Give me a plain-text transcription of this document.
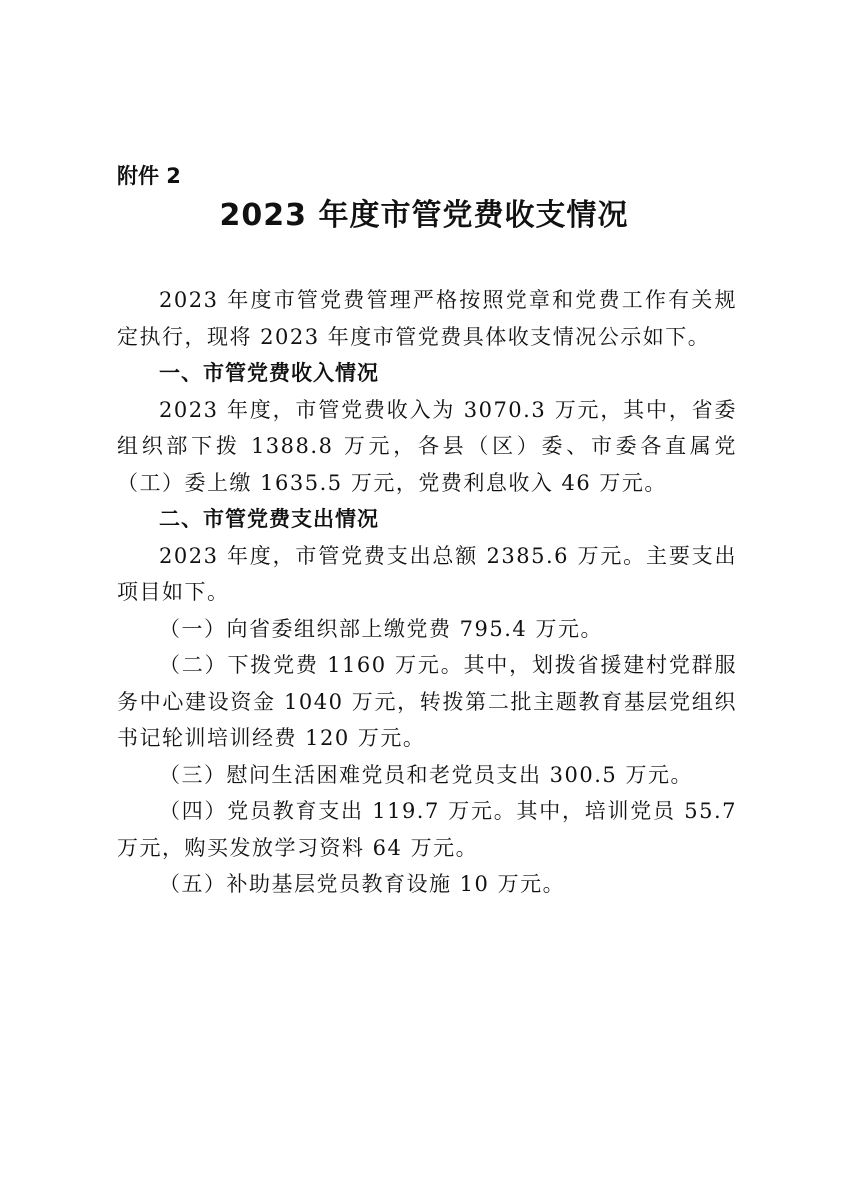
附件 2
2023 年度市管党费收支情况

2023 年度市管党费管理严格按照党章和党费工作有关规定执行，现将 2023 年度市管党费具体收支情况公示如下。

一、市管党费收入情况

2023 年度，市管党费收入为 3070.3 万元，其中，省委组织部下拨 1388.8 万元，各县（区）委、市委各直属党（工）委上缴 1635.5 万元，党费利息收入 46 万元。

二、市管党费支出情况

2023 年度，市管党费支出总额 2385.6 万元。主要支出项目如下。

（一）向省委组织部上缴党费 795.4 万元。

（二）下拨党费 1160 万元。其中，划拨省援建村党群服务中心建设资金 1040 万元，转拨第二批主题教育基层党组织书记轮训培训经费 120 万元。

（三）慰问生活困难党员和老党员支出 300.5 万元。

（四）党员教育支出 119.7 万元。其中，培训党员 55.7 万元，购买发放学习资料 64 万元。

（五）补助基层党员教育设施 10 万元。
